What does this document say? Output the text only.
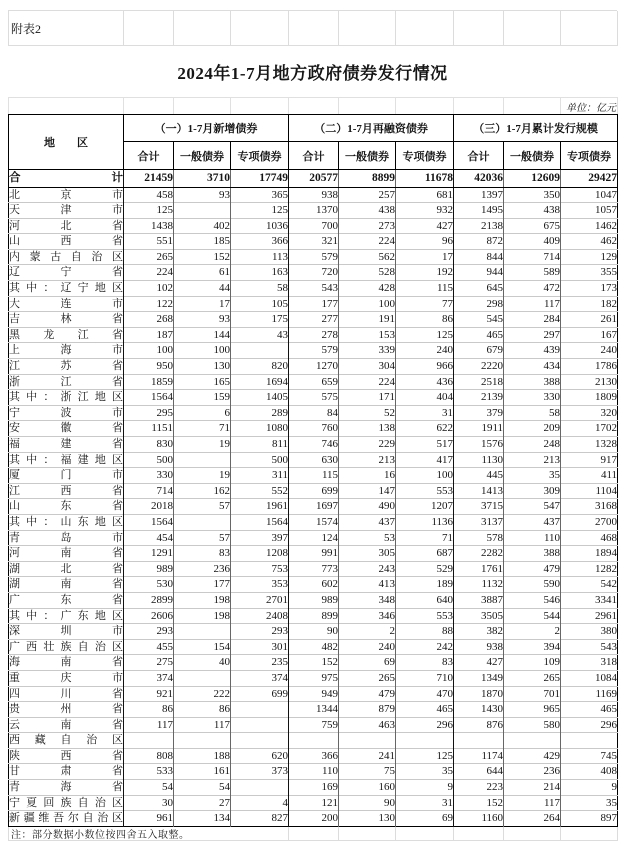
附表2
2024年1-7月地方政府债券发行情况
单位：亿元
地　　区	（一）1-7月新增债券			（二）1-7月再融资债券			（三）1-7月累计发行规模		
	合计	一般债券	专项债券	合计	一般债券	专项债券	合计	一般债券	专项债券
合计	21459	3710	17749	20577	8899	11678	42036	12609	29427
北京市	458	93	365	938	257	681	1397	350	1047
天津市	125		125	1370	438	932	1495	438	1057
河北省	1438	402	1036	700	273	427	2138	675	1462
山西省	551	185	366	321	224	96	872	409	462
内蒙古自治区	265	152	113	579	562	17	844	714	129
辽宁省	224	61	163	720	528	192	944	589	355
其中：辽宁地区	102	44	58	543	428	115	645	472	173
大连市	122	17	105	177	100	77	298	117	182
吉林省	268	93	175	277	191	86	545	284	261
黑龙江省	187	144	43	278	153	125	465	297	167
上海市	100	100		579	339	240	679	439	240
江苏省	950	130	820	1270	304	966	2220	434	1786
浙江省	1859	165	1694	659	224	436	2518	388	2130
其中：浙江地区	1564	159	1405	575	171	404	2139	330	1809
宁波市	295	6	289	84	52	31	379	58	320
安徽省	1151	71	1080	760	138	622	1911	209	1702
福建省	830	19	811	746	229	517	1576	248	1328
其中：福建地区	500		500	630	213	417	1130	213	917
厦门市	330	19	311	115	16	100	445	35	411
江西省	714	162	552	699	147	553	1413	309	1104
山东省	2018	57	1961	1697	490	1207	3715	547	3168
其中：山东地区	1564		1564	1574	437	1136	3137	437	2700
青岛市	454	57	397	124	53	71	578	110	468
河南省	1291	83	1208	991	305	687	2282	388	1894
湖北省	989	236	753	773	243	529	1761	479	1282
湖南省	530	177	353	602	413	189	1132	590	542
广东省	2899	198	2701	989	348	640	3887	546	3341
其中：广东地区	2606	198	2408	899	346	553	3505	544	2961
深圳市	293		293	90	2	88	382	2	380
广西壮族自治区	455	154	301	482	240	242	938	394	543
海南省	275	40	235	152	69	83	427	109	318
重庆市	374		374	975	265	710	1349	265	1084
四川省	921	222	699	949	479	470	1870	701	1169
贵州省	86	86		1344	879	465	1430	965	465
云南省	117	117		759	463	296	876	580	296
西藏自治区									
陕西省	808	188	620	366	241	125	1174	429	745
甘肃省	533	161	373	110	75	35	644	236	408
青海省	54	54		169	160	9	223	214	9
宁夏回族自治区	30	27	4	121	90	31	152	117	35
新疆维吾尔自治区	961	134	827	200	130	69	1160	264	897
注：部分数据小数位按四舍五入取整。
